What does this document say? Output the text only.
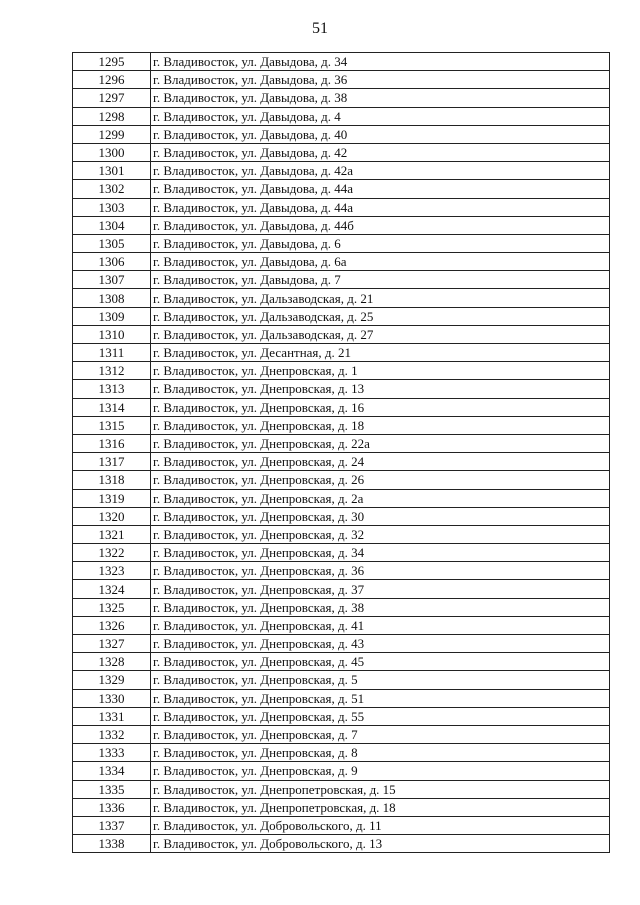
51
1295	г. Владивосток, ул. Давыдова, д. 34
1296	г. Владивосток, ул. Давыдова, д. 36
1297	г. Владивосток, ул. Давыдова, д. 38
1298	г. Владивосток, ул. Давыдова, д. 4
1299	г. Владивосток, ул. Давыдова, д. 40
1300	г. Владивосток, ул. Давыдова, д. 42
1301	г. Владивосток, ул. Давыдова, д. 42а
1302	г. Владивосток, ул. Давыдова, д. 44а
1303	г. Владивосток, ул. Давыдова, д. 44а
1304	г. Владивосток, ул. Давыдова, д. 44б
1305	г. Владивосток, ул. Давыдова, д. 6
1306	г. Владивосток, ул. Давыдова, д. 6а
1307	г. Владивосток, ул. Давыдова, д. 7
1308	г. Владивосток, ул. Дальзаводская, д. 21
1309	г. Владивосток, ул. Дальзаводская, д. 25
1310	г. Владивосток, ул. Дальзаводская, д. 27
1311	г. Владивосток, ул. Десантная, д. 21
1312	г. Владивосток, ул. Днепровская, д. 1
1313	г. Владивосток, ул. Днепровская, д. 13
1314	г. Владивосток, ул. Днепровская, д. 16
1315	г. Владивосток, ул. Днепровская, д. 18
1316	г. Владивосток, ул. Днепровская, д. 22а
1317	г. Владивосток, ул. Днепровская, д. 24
1318	г. Владивосток, ул. Днепровская, д. 26
1319	г. Владивосток, ул. Днепровская, д. 2а
1320	г. Владивосток, ул. Днепровская, д. 30
1321	г. Владивосток, ул. Днепровская, д. 32
1322	г. Владивосток, ул. Днепровская, д. 34
1323	г. Владивосток, ул. Днепровская, д. 36
1324	г. Владивосток, ул. Днепровская, д. 37
1325	г. Владивосток, ул. Днепровская, д. 38
1326	г. Владивосток, ул. Днепровская, д. 41
1327	г. Владивосток, ул. Днепровская, д. 43
1328	г. Владивосток, ул. Днепровская, д. 45
1329	г. Владивосток, ул. Днепровская, д. 5
1330	г. Владивосток, ул. Днепровская, д. 51
1331	г. Владивосток, ул. Днепровская, д. 55
1332	г. Владивосток, ул. Днепровская, д. 7
1333	г. Владивосток, ул. Днепровская, д. 8
1334	г. Владивосток, ул. Днепровская, д. 9
1335	г. Владивосток, ул. Днепропетровская, д. 15
1336	г. Владивосток, ул. Днепропетровская, д. 18
1337	г. Владивосток, ул. Добровольского, д. 11
1338	г. Владивосток, ул. Добровольского, д. 13
